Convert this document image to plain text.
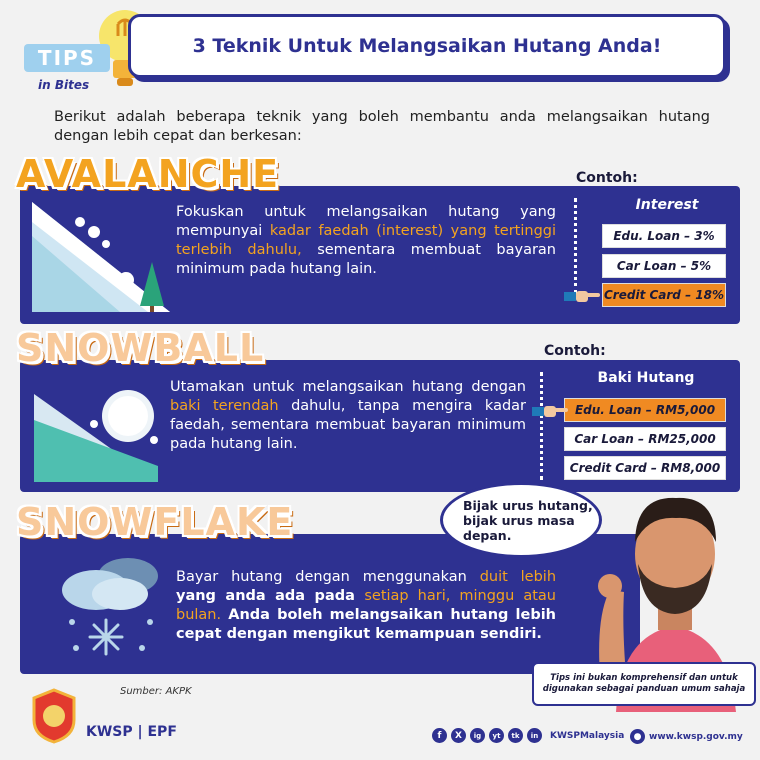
3 Teknik Untuk Melangsaikan Hutang Anda!
TIPS
in Bites
Berikut adalah beberapa teknik yang boleh membantu anda melangsaikan hutang dengan lebih cepat dan berkesan:
AVALANCHE
Fokuskan untuk melangsaikan hutang yang mempunyai kadar faedah (interest) yang tertinggi terlebih dahulu, sementara membuat bayaran minimum pada hutang lain.
Contoh:
Interest
Edu. Loan – 3%
Car Loan – 5%
Credit Card – 18%
SNOWBALL
Utamakan untuk melangsaikan hutang dengan baki terendah dahulu, tanpa mengira kadar faedah, sementara membuat bayaran minimum pada hutang lain.
Contoh:
Baki Hutang
Edu. Loan – RM5,000
Car Loan – RM25,000
Credit Card – RM8,000
SNOWFLAKE
Bayar hutang dengan menggunakan duit lebih yang anda ada pada setiap hari, minggu atau bulan. Anda boleh melangsaikan hutang lebih cepat dengan mengikut kemampuan sendiri.
Bijak urus hutang, bijak urus masa depan.
Tips ini bukan komprehensif dan untuk digunakan sebagai panduan umum sahaja
Sumber: AKPK
KWSP | EPF	f	X	ig	yt	tk	in	KWSPMalaysia	● www.kwsp.gov.my
